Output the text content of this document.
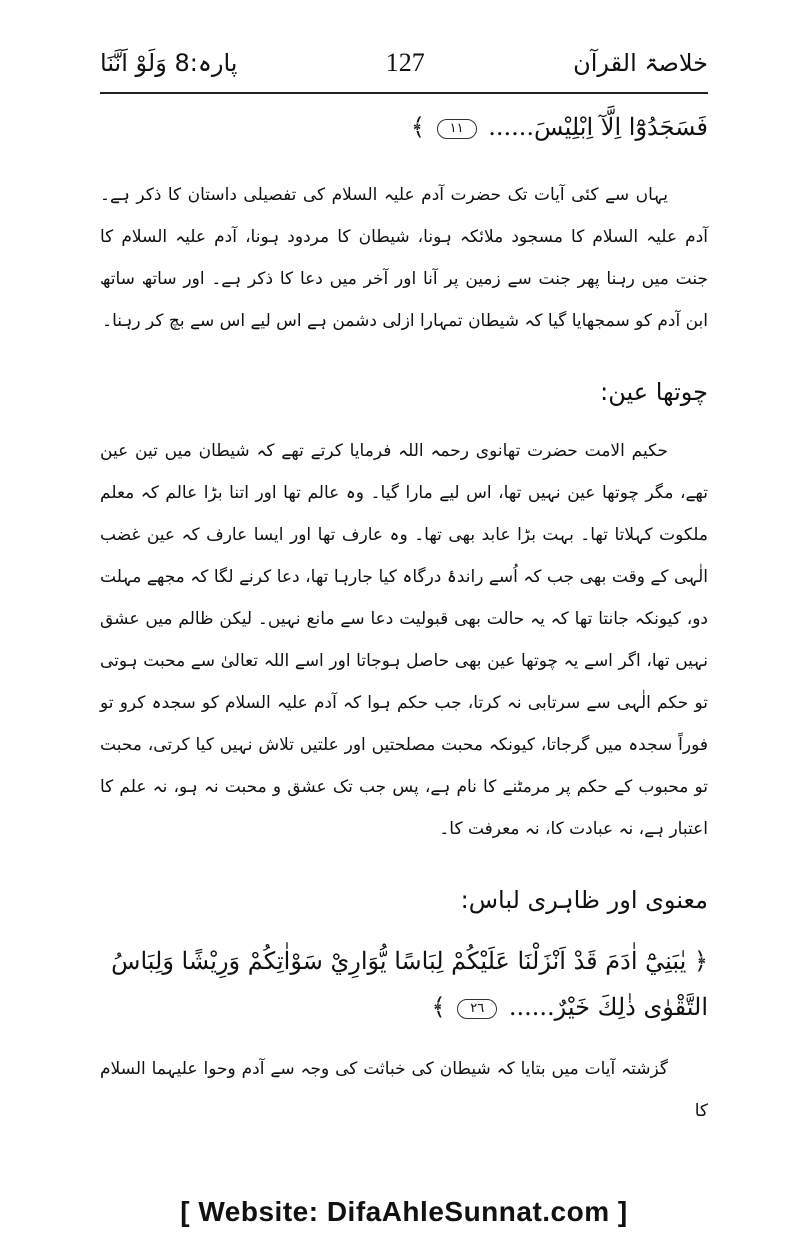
خلاصۃ القرآن
127
پارہ:8 وَلَوْ اَنَّنَا

فَسَجَدُوْٓا اِلَّآ اِبْلِيْسَ...... ١١ ﴾

یہاں سے کئی آیات تک حضرت آدم علیہ السلام کی تفصیلی داستان کا ذکر ہے۔ آدم علیہ السلام کا مسجود ملائکہ ہونا، شیطان کا مردود ہونا، آدم علیہ السلام کا جنت میں رہنا پھر جنت سے زمین پر آنا اور آخر میں دعا کا ذکر ہے۔ اور ساتھ ساتھ ابن آدم کو سمجھایا گیا کہ شیطان تمہارا ازلی دشمن ہے اس لیے اس سے بچ کر رہنا۔

چوتھا عین:

حکیم الامت حضرت تھانوی رحمہ اللہ فرمایا کرتے تھے کہ شیطان میں تین عین تھے، مگر چوتھا عین نہیں تھا، اس لیے مارا گیا۔ وہ عالم تھا اور اتنا بڑا عالم کہ معلم ملکوت کہلاتا تھا۔ بہت بڑا عابد بھی تھا۔ وہ عارف تھا اور ایسا عارف کہ عین غضب الٰہی کے وقت بھی جب کہ اُسے راندۂ درگاہ کیا جارہا تھا، دعا کرنے لگا کہ مجھے مہلت دو، کیونکہ جانتا تھا کہ یہ حالت بھی قبولیت دعا سے مانع نہیں۔ لیکن ظالم میں عشق نہیں تھا، اگر اسے یہ چوتھا عین بھی حاصل ہوجاتا اور اسے اللہ تعالیٰ سے محبت ہوتی تو حکم الٰہی سے سرتابی نہ کرتا، جب حکم ہوا کہ آدم علیہ السلام کو سجدہ کرو تو فوراً سجدہ میں گرجاتا، کیونکہ محبت مصلحتیں اور علتیں تلاش نہیں کیا کرتی، محبت تو محبوب کے حکم پر مرمٹنے کا نام ہے، پس جب تک عشق و محبت نہ ہو، نہ علم کا اعتبار ہے، نہ عبادت کا، نہ معرفت کا۔

معنوی اور ظاہری لباس:

﴿ يٰبَنِيْٓ اٰدَمَ قَدْ اَنْزَلْنَا عَلَيْكُمْ لِبَاسًا يُّوَارِيْ سَوْاٰتِكُمْ وَرِيْشًا وَلِبَاسُ

التَّقْوٰى ذٰلِكَ خَيْرٌ...... ٢٦ ﴾

گزشتہ آیات میں بتایا کہ شیطان کی خباثت کی وجہ سے آدم وحوا علیہما السلام کا

[ Website: DifaAhleSunnat.com ]
